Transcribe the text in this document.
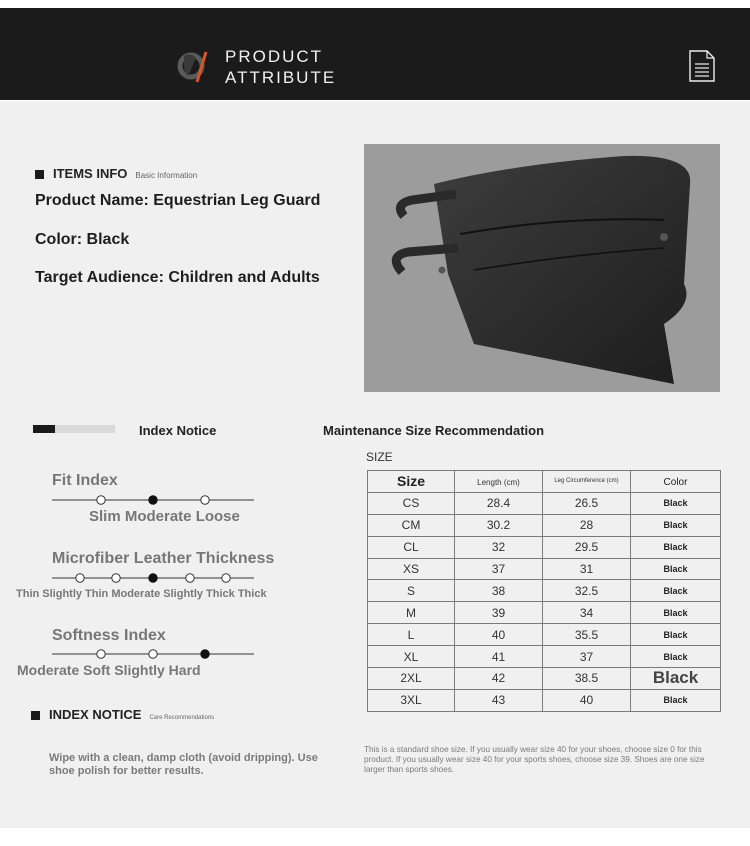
PRODUCT
ATTRIBUTE
ITEMS INFO Basic Information
Product Name: Equestrian Leg Guard
Color: Black
Target Audience: Children and Adults
Index Notice	Maintenance Size Recommendation
Fit Index
Slim Moderate Loose
Microfiber Leather Thickness
Thin Slightly Thin Moderate Slightly Thick Thick
Softness Index
Moderate Soft Slightly Hard
SIZE
Size	Length (cm)	Leg Circumference (cm)	Color
CS	28.4	26.5	Black
CM	30.2	28	Black
CL	32	29.5	Black
XS	37	31	Black
S	38	32.5	Black
M	39	34	Black
L	40	35.5	Black
XL	41	37	Black
2XL	42	38.5	Black
3XL	43	40	Black
INDEX NOTICE Care Recommendations
Wipe with a clean, damp cloth (avoid dripping). Use shoe polish for better results.
This is a standard shoe size. If you usually wear size 40 for your shoes, choose size 0 for this product. If you usually wear size 40 for your sports shoes, choose size 39. Shoes are one size larger than sports shoes.
